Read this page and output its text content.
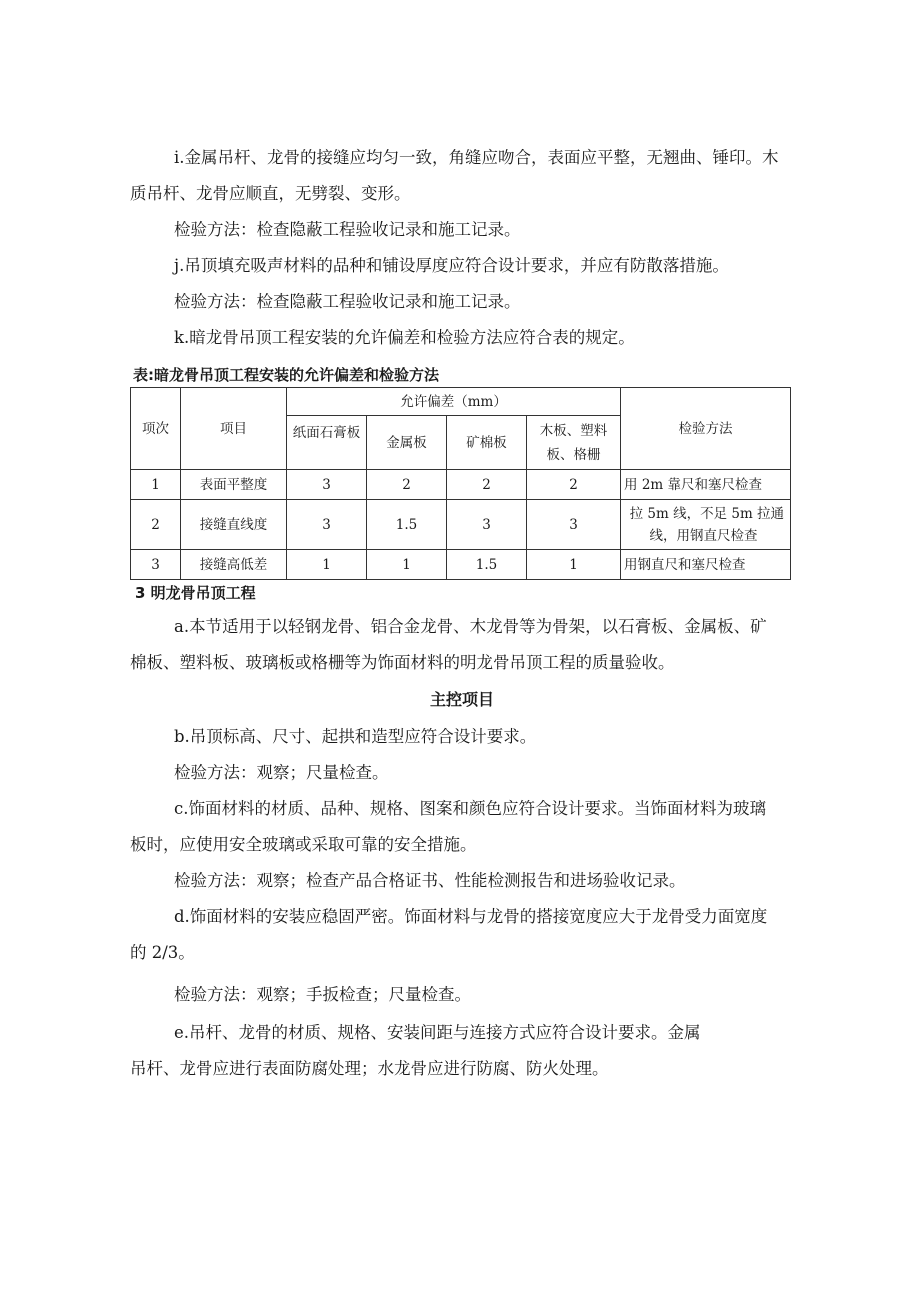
i.金属吊杆、龙骨的接缝应均匀一致，角缝应吻合，表面应平整，无翘曲、锤印。木

质吊杆、龙骨应顺直，无劈裂、变形。

检验方法：检查隐蔽工程验收记录和施工记录。

j.吊顶填充吸声材料的品种和铺设厚度应符合设计要求，并应有防散落措施。

检验方法：检查隐蔽工程验收记录和施工记录。

k.暗龙骨吊顶工程安装的允许偏差和检验方法应符合表的规定。

表:暗龙骨吊顶工程安装的允许偏差和检验方法

项次	项目	允许偏差（mm）				检验方法
		纸面石膏板	金属板	矿棉板	木板、塑料
板、格栅	

1	表面平整度	3	2	2	2	用 2m 靠尺和塞尺检查
2	接缝直线度	3	1.5	3	3	拉 5m 线，不足 5m 拉通
线，用钢直尺检查

3	接缝高低差	1	1	1.5	1	用钢直尺和塞尺检查

3 明龙骨吊顶工程

a.本节适用于以轻钢龙骨、铝合金龙骨、木龙骨等为骨架，以石膏板、金属板、矿

棉板、塑料板、玻璃板或格栅等为饰面材料的明龙骨吊顶工程的质量验收。

主控项目

b.吊顶标高、尺寸、起拱和造型应符合设计要求。

检验方法：观察；尺量检查。

c.饰面材料的材质、品种、规格、图案和颜色应符合设计要求。当饰面材料为玻璃

板时，应使用安全玻璃或采取可靠的安全措施。

检验方法：观察；检查产品合格证书、性能检测报告和进场验收记录。

d.饰面材料的安装应稳固严密。饰面材料与龙骨的搭接宽度应大于龙骨受力面宽度

的 2/3。

检验方法：观察；手扳检查；尺量检查。

e.吊杆、龙骨的材质、规格、安装间距与连接方式应符合设计要求。金属

吊杆、龙骨应进行表面防腐处理；水龙骨应进行防腐、防火处理。
